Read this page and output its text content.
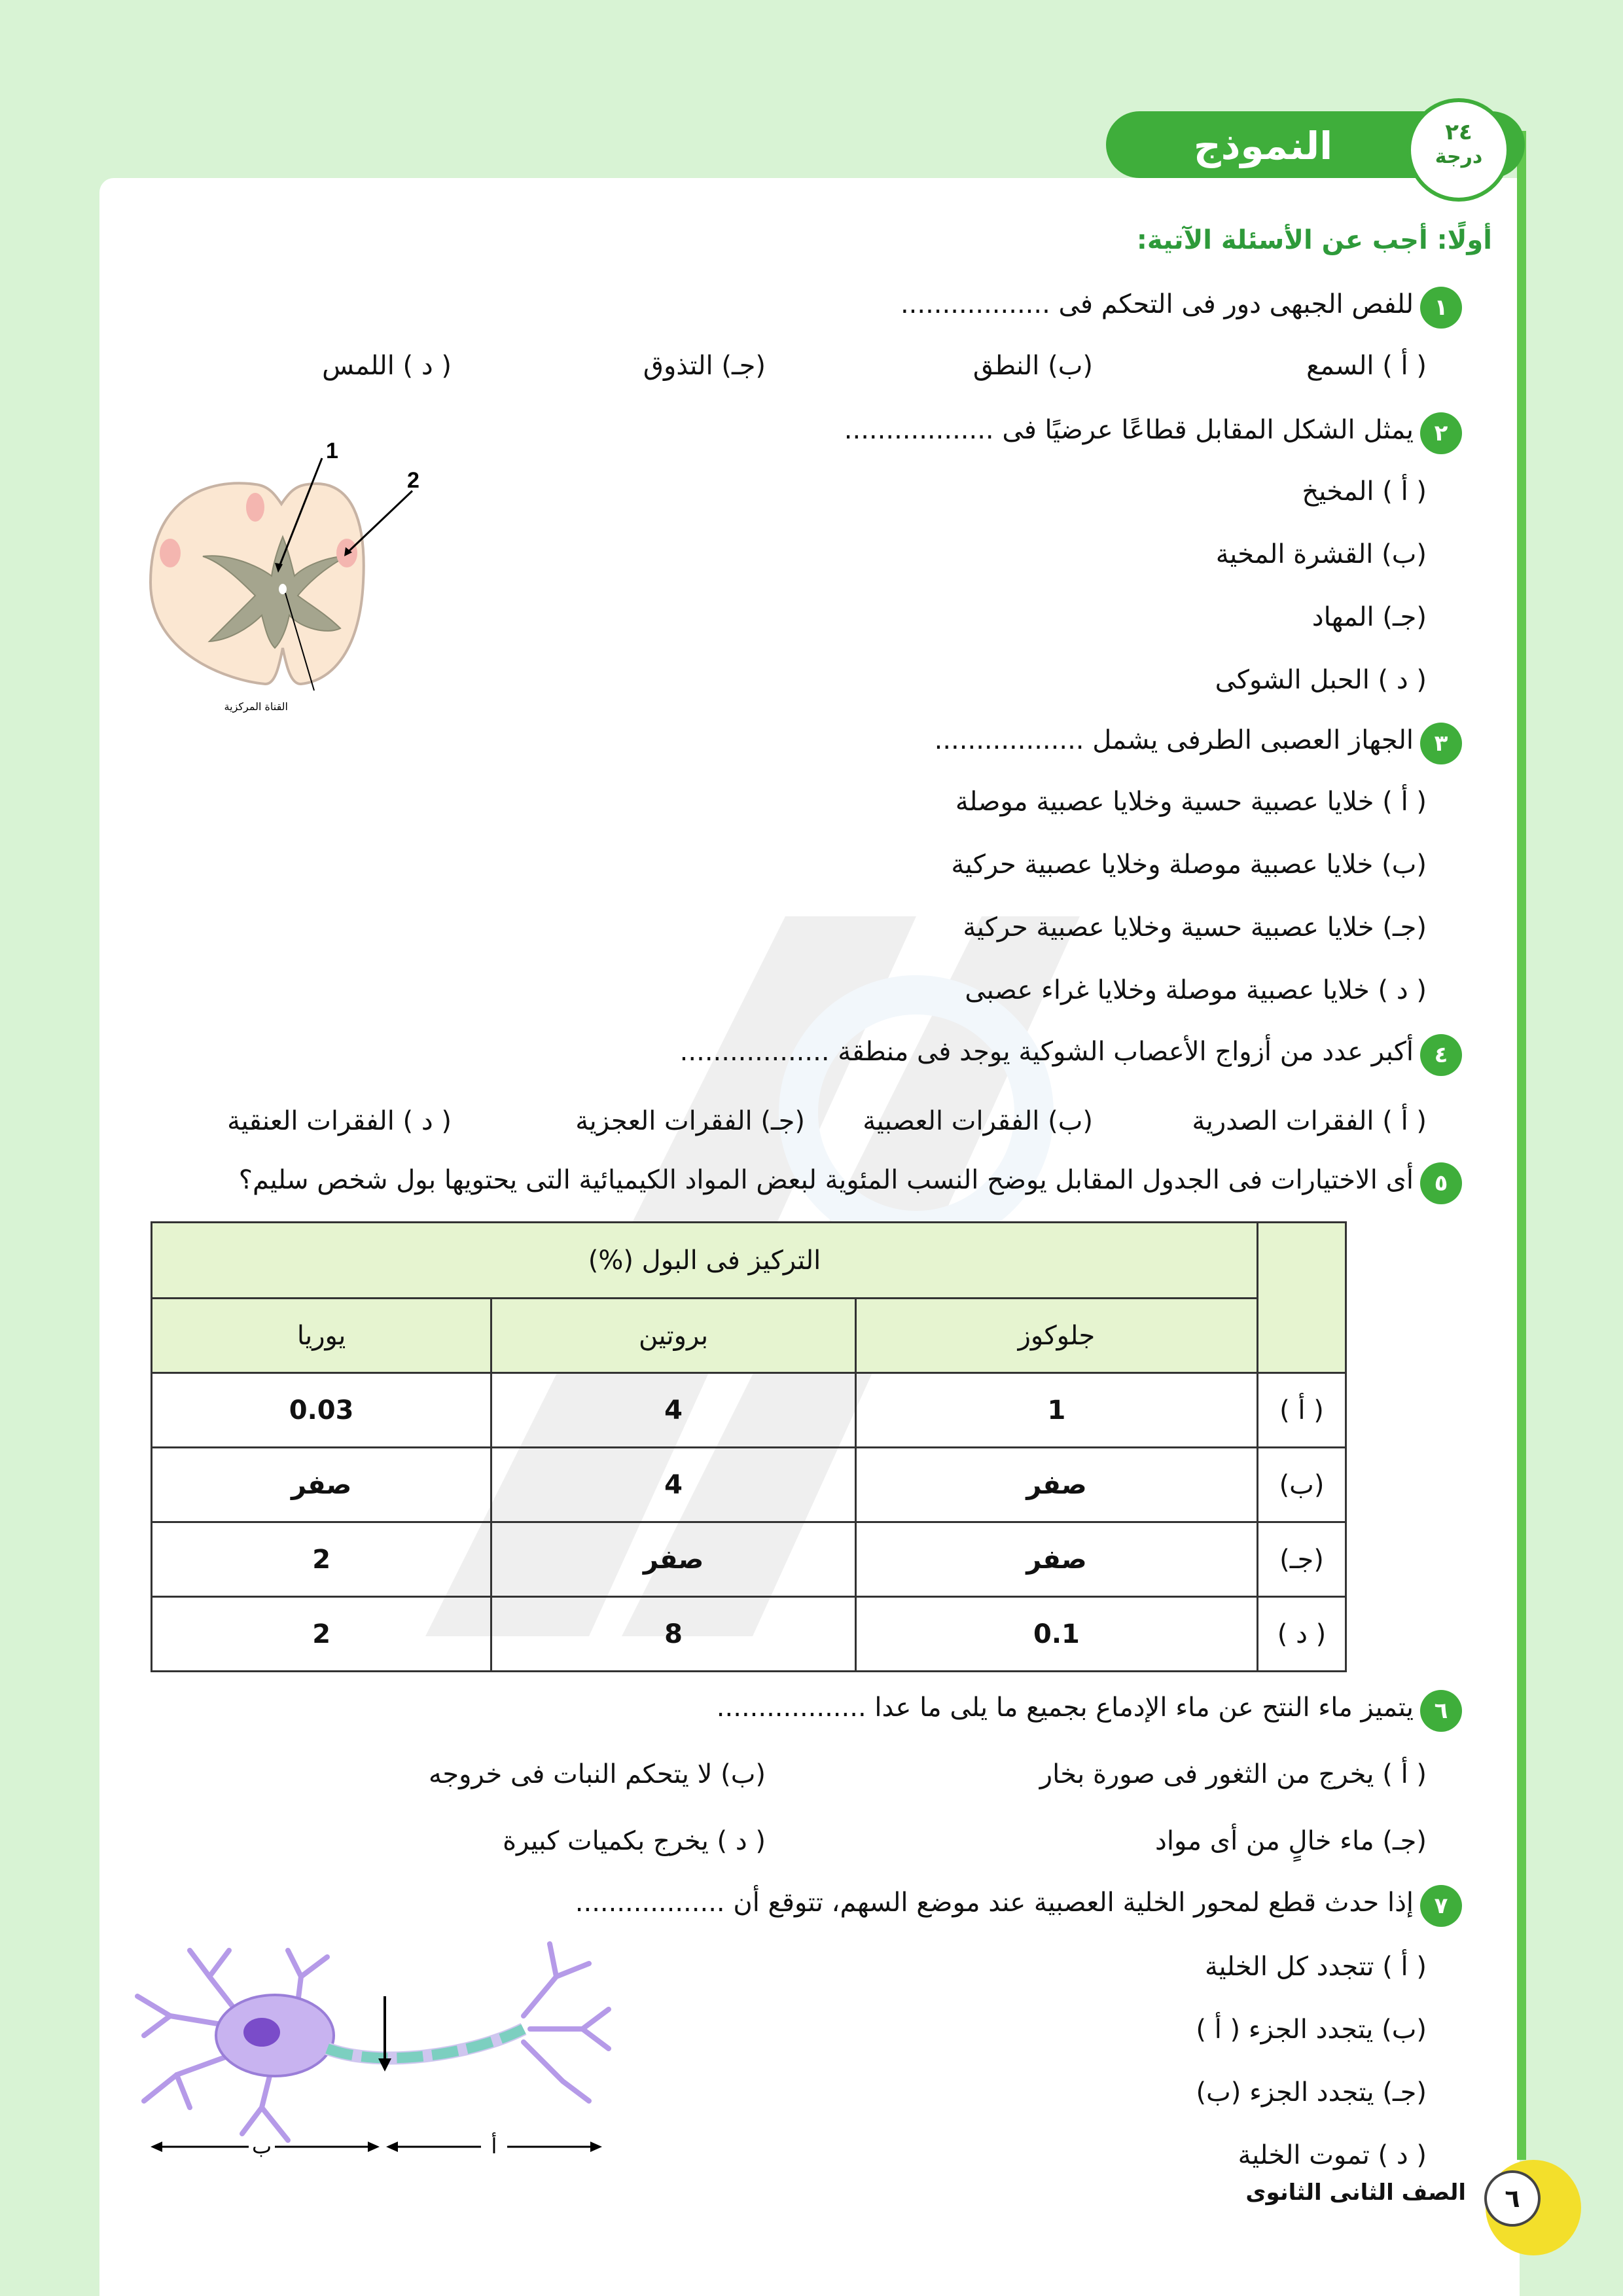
النموذج الثانى
٢٤
درجة
أولًا: أجب عن الأسئلة الآتية:
١
للفص الجبهى دور فى التحكم فى ..................
( أ ) السمع
(ب) النطق
(جـ) التذوق
( د ) اللمس
٢
يمثل الشكل المقابل قطاعًا عرضيًا فى ..................
( أ ) المخيخ
(ب) القشرة المخية
(جـ) المهاد
( د ) الحبل الشوكى
1
2
القناة المركزية
٣
الجهاز العصبى الطرفى يشمل ..................
( أ ) خلايا عصبية حسية وخلايا عصبية موصلة
(ب) خلايا عصبية موصلة وخلايا عصبية حركية
(جـ) خلايا عصبية حسية وخلايا عصبية حركية
( د ) خلايا عصبية موصلة وخلايا غراء عصبى
٤
أكبر عدد من أزواج الأعصاب الشوكية يوجد فى منطقة ..................
( أ ) الفقرات الصدرية
(ب) الفقرات العصبية
(جـ) الفقرات العجزية
( د ) الفقرات العنقية
٥
أى الاختيارات فى الجدول المقابل يوضح النسب المئوية لبعض المواد الكيميائية التى يحتويها بول شخص سليم؟
	التركيز فى البول (%)		
	جلوكوز	بروتين	يوريا
( أ )	1	4	0.03
(ب)	صفر	4	صفر
(جـ)	صفر	صفر	2
( د )	0.1	8	2
٦
يتميز ماء النتح عن ماء الإدماع بجميع ما يلى ما عدا ..................
( أ ) يخرج من الثغور فى صورة بخار
(ب) لا يتحكم النبات فى خروجه
(جـ) ماء خالٍ من أى مواد
( د ) يخرج بكميات كبيرة
٧
إذا حدث قطع لمحور الخلية العصبية عند موضع السهم، تتوقع أن ..................
( أ ) تتجدد كل الخلية
(ب) يتجدد الجزء ( أ )
(جـ) يتجدد الجزء (ب)
( د ) تموت الخلية
ب	أ
٦
الصف الثانى الثانوى
